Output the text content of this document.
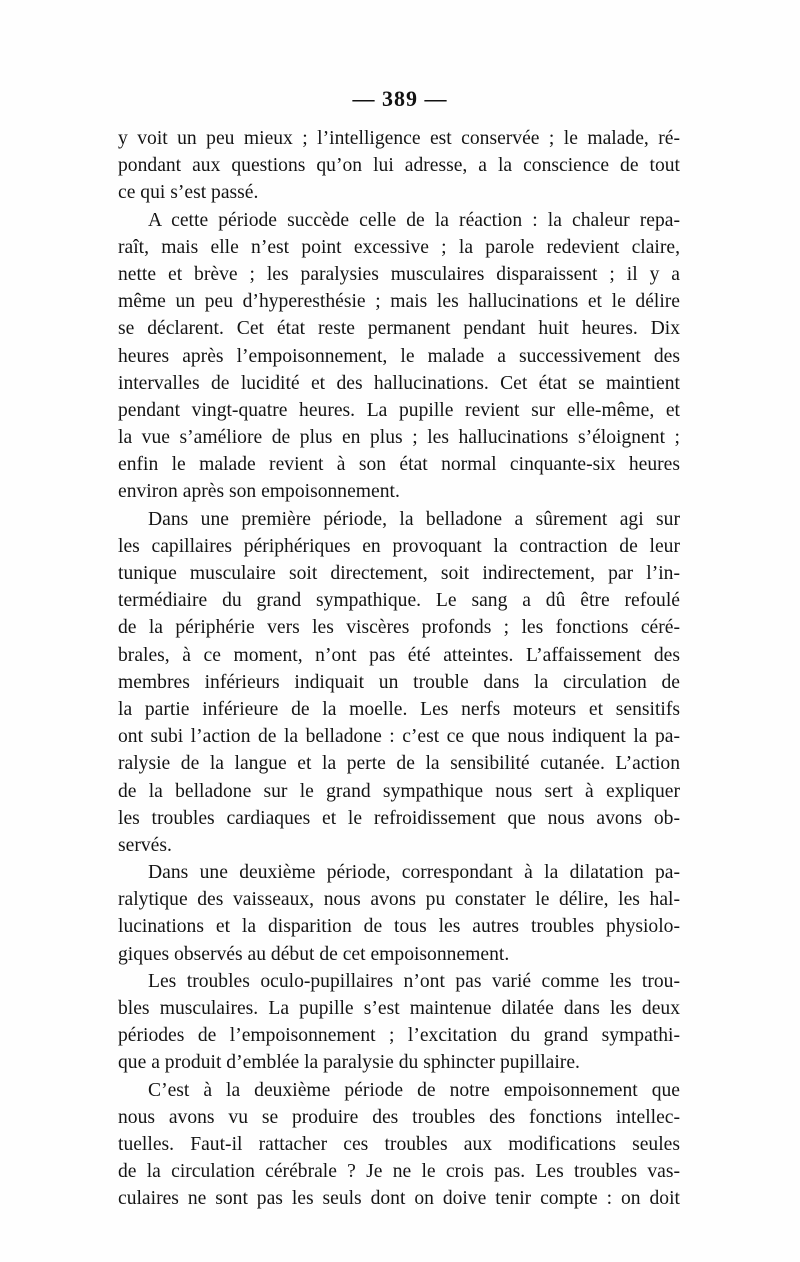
— 389 —
y voit un peu mieux ; l’intelligence est conservée ; le malade, ré-
pondant aux questions qu’on lui adresse, a la conscience de tout
ce qui s’est passé.
A cette période succède celle de la réaction : la chaleur repa-
raît, mais elle n’est point excessive ; la parole redevient claire,
nette et brève ; les paralysies musculaires disparaissent ; il y a
même un peu d’hyperesthésie ; mais les hallucinations et le délire
se déclarent. Cet état reste permanent pendant huit heures. Dix
heures après l’empoisonnement, le malade a successivement des
intervalles de lucidité et des hallucinations. Cet état se maintient
pendant vingt-quatre heures. La pupille revient sur elle-même, et
la vue s’améliore de plus en plus ; les hallucinations s’éloignent ;
enfin le malade revient à son état normal cinquante-six heures
environ après son empoisonnement.
Dans une première période, la belladone a sûrement agi sur
les capillaires périphériques en provoquant la contraction de leur
tunique musculaire soit directement, soit indirectement, par l’in-
termédiaire du grand sympathique. Le sang a dû être refoulé
de la périphérie vers les viscères profonds ; les fonctions céré-
brales, à ce moment, n’ont pas été atteintes. L’affaissement des
membres inférieurs indiquait un trouble dans la circulation de
la partie inférieure de la moelle. Les nerfs moteurs et sensitifs
ont subi l’action de la belladone : c’est ce que nous indiquent la pa-
ralysie de la langue et la perte de la sensibilité cutanée. L’action
de la belladone sur le grand sympathique nous sert à expliquer
les troubles cardiaques et le refroidissement que nous avons ob-
servés.
Dans une deuxième période, correspondant à la dilatation pa-
ralytique des vaisseaux, nous avons pu constater le délire, les hal-
lucinations et la disparition de tous les autres troubles physiolo-
giques observés au début de cet empoisonnement.
Les troubles oculo-pupillaires n’ont pas varié comme les trou-
bles musculaires. La pupille s’est maintenue dilatée dans les deux
périodes de l’empoisonnement ; l’excitation du grand sympathi-
que a produit d’emblée la paralysie du sphincter pupillaire.
C’est à la deuxième période de notre empoisonnement que
nous avons vu se produire des troubles des fonctions intellec-
tuelles. Faut-il rattacher ces troubles aux modifications seules
de la circulation cérébrale ? Je ne le crois pas. Les troubles vas-
culaires ne sont pas les seuls dont on doive tenir compte : on doit
